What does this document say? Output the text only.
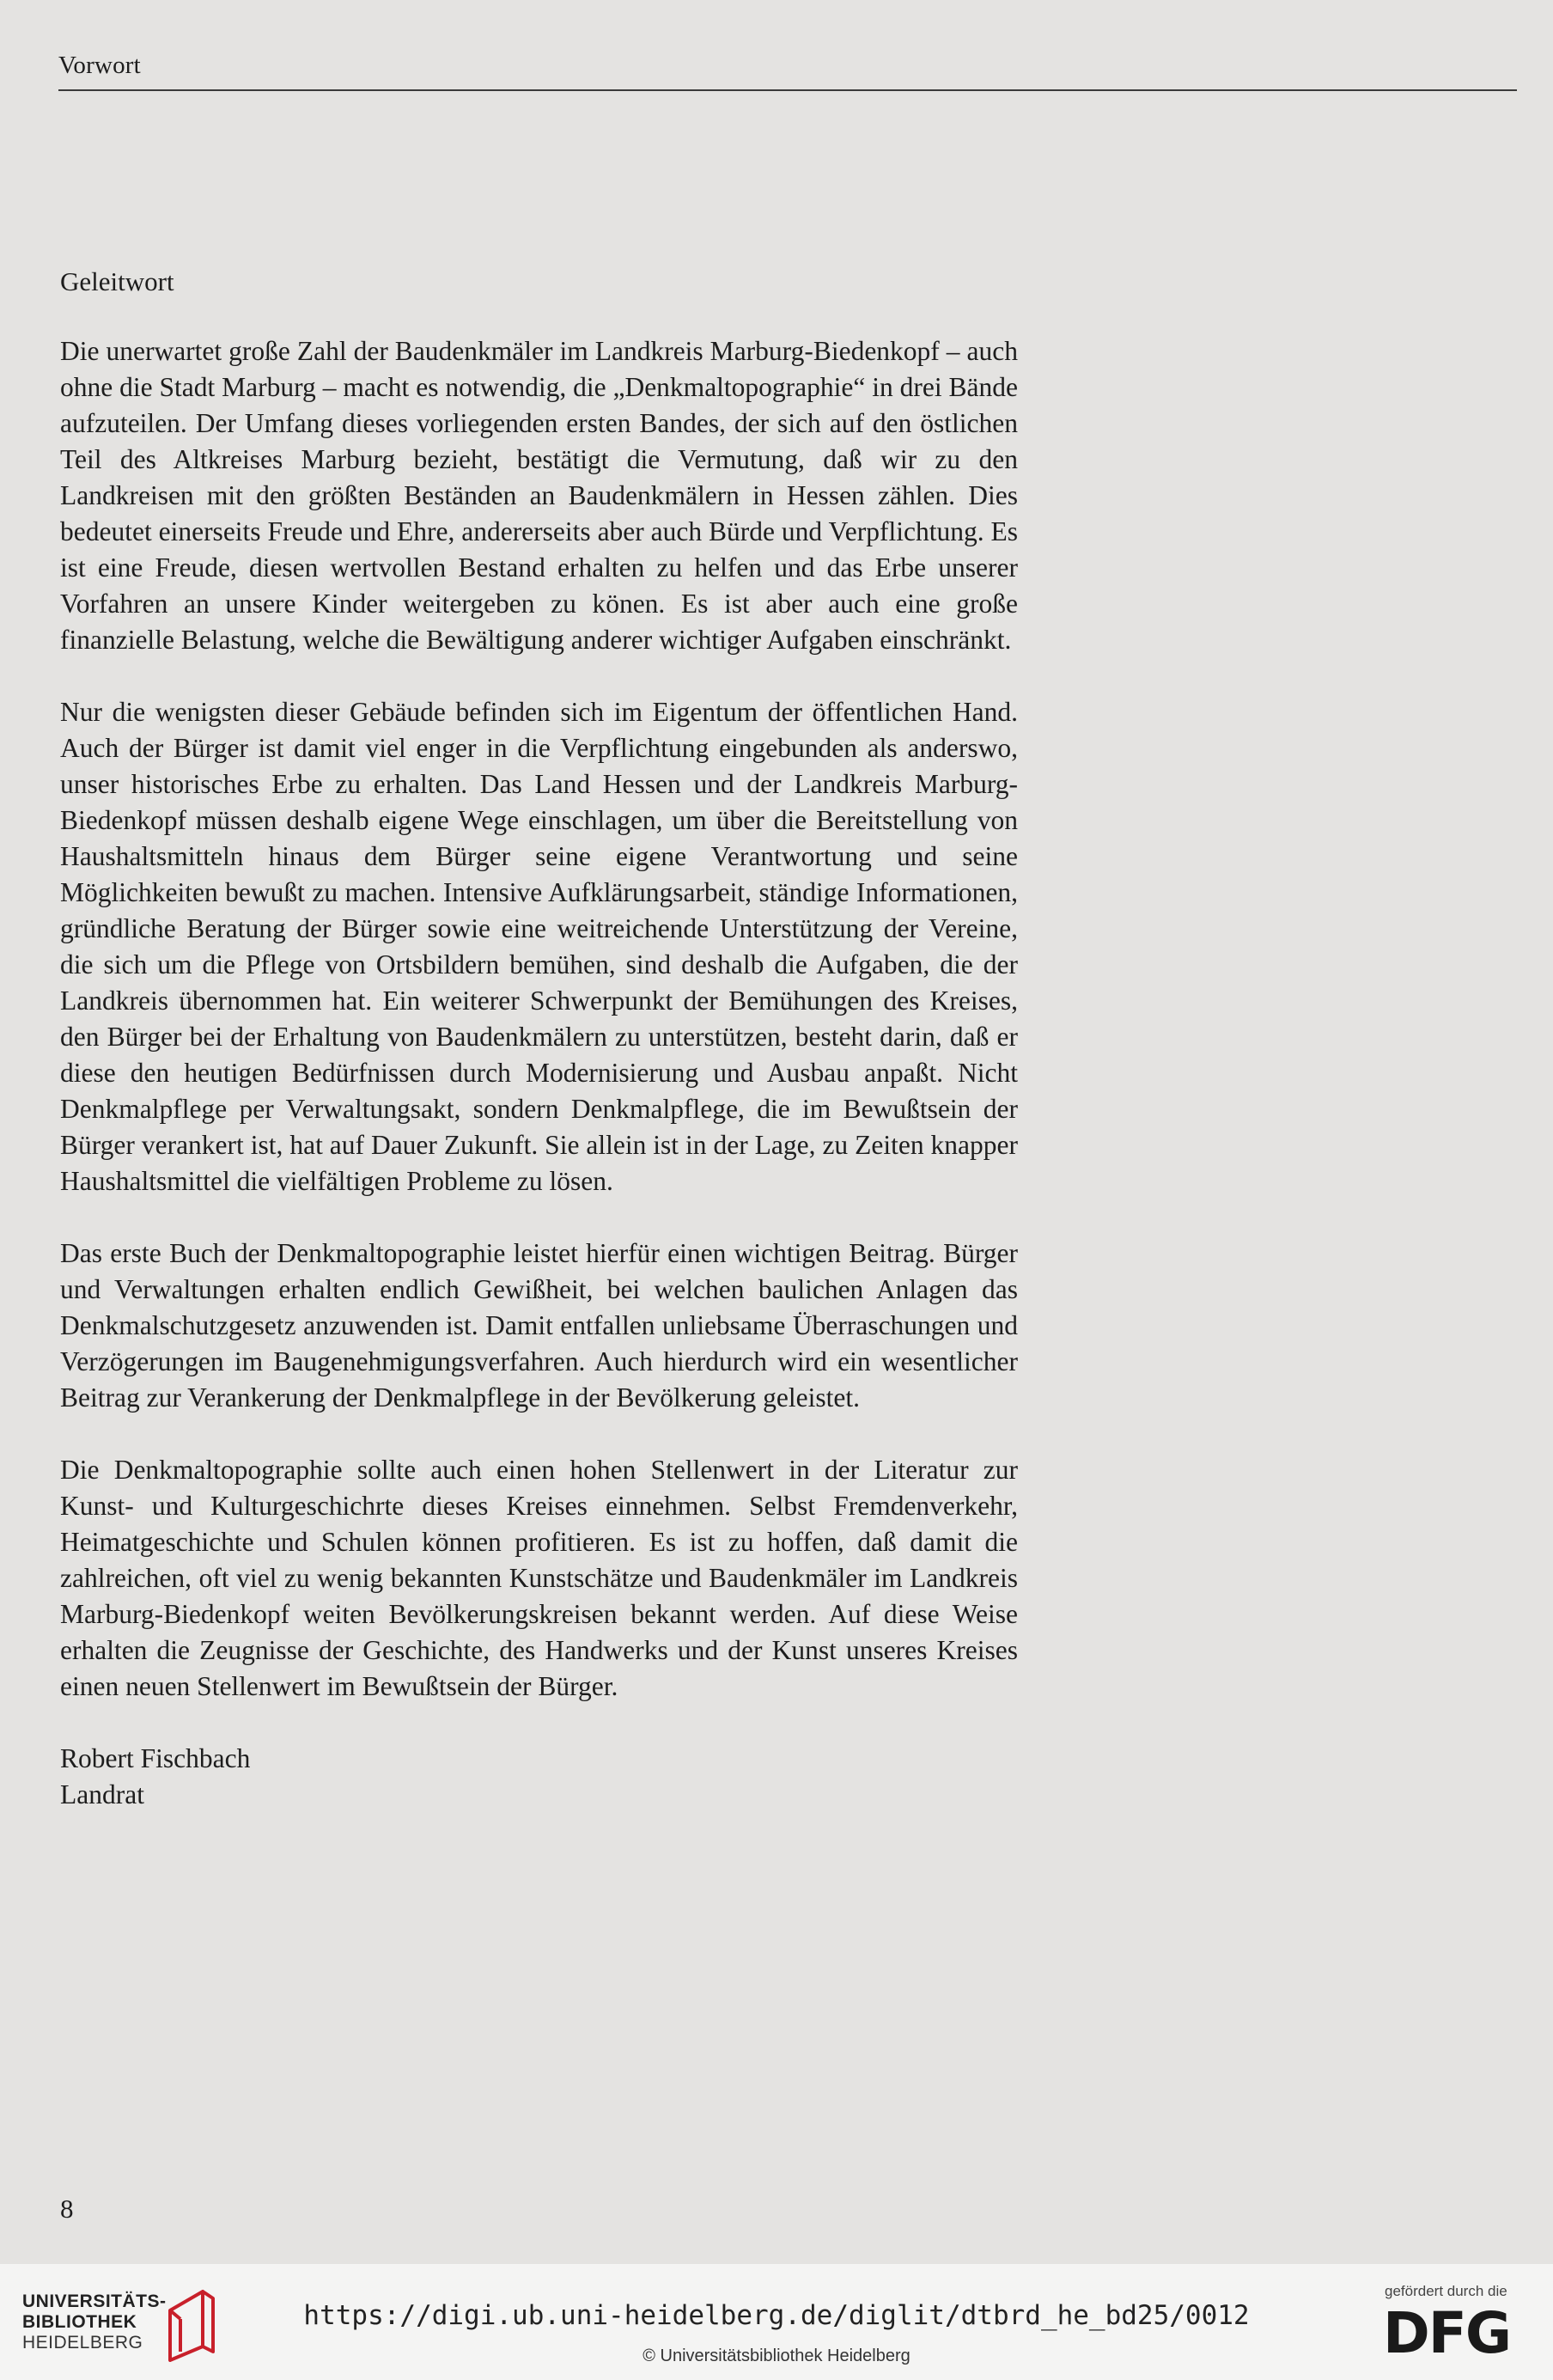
Vorwort
Geleitwort

Die unerwartet große Zahl der Baudenkmäler im Landkreis Marburg-Biedenkopf – auch ohne die Stadt Marburg – macht es notwendig, die „Denkmaltopographie“ in drei Bände aufzuteilen. Der Umfang dieses vorliegenden ersten Bandes, der sich auf den östlichen Teil des Altkreises Marburg bezieht, bestätigt die Vermutung, daß wir zu den Landkreisen mit den größten Beständen an Baudenkmälern in Hessen zählen. Dies bedeutet einerseits Freude und Ehre, andererseits aber auch Bürde und Verpflichtung. Es ist eine Freude, diesen wertvollen Bestand erhalten zu helfen und das Erbe unserer Vorfahren an unsere Kinder weitergeben zu könen. Es ist aber auch eine große finanzielle Belastung, welche die Bewältigung anderer wichtiger Aufgaben einschränkt.

Nur die wenigsten dieser Gebäude befinden sich im Eigentum der öffentlichen Hand. Auch der Bürger ist damit viel enger in die Verpflichtung eingebunden als anderswo, unser historisches Erbe zu erhalten. Das Land Hessen und der Landkreis Marburg-Biedenkopf müssen deshalb eigene Wege einschlagen, um über die Bereitstellung von Haushaltsmitteln hinaus dem Bürger seine eigene Verantwortung und seine Möglichkeiten bewußt zu machen. Intensive Aufklärungsarbeit, ständige Informationen, gründliche Beratung der Bürger sowie eine weitreichende Unterstützung der Vereine, die sich um die Pflege von Ortsbildern bemühen, sind deshalb die Aufgaben, die der Landkreis übernommen hat. Ein weiterer Schwerpunkt der Bemühungen des Kreises, den Bürger bei der Erhaltung von Baudenkmälern zu unterstützen, besteht darin, daß er diese den heutigen Bedürfnissen durch Modernisierung und Ausbau anpaßt. Nicht Denkmalpflege per Verwaltungsakt, sondern Denkmalpflege, die im Bewußtsein der Bürger verankert ist, hat auf Dauer Zukunft. Sie allein ist in der Lage, zu Zeiten knapper Haushaltsmittel die vielfältigen Probleme zu lösen.

Das erste Buch der Denkmaltopographie leistet hierfür einen wichtigen Beitrag. Bürger und Verwaltungen erhalten endlich Gewißheit, bei welchen baulichen Anlagen das Denkmalschutzgesetz anzuwenden ist. Damit entfallen unliebsame Überraschungen und Verzögerungen im Baugenehmigungsverfahren. Auch hierdurch wird ein wesentlicher Beitrag zur Verankerung der Denkmalpflege in der Bevölkerung geleistet.

Die Denkmaltopographie sollte auch einen hohen Stellenwert in der Literatur zur Kunst- und Kulturgeschichrte dieses Kreises einnehmen. Selbst Fremdenverkehr, Heimatgeschichte und Schulen können profitieren. Es ist zu hoffen, daß damit die zahlreichen, oft viel zu wenig bekannten Kunstschätze und Baudenkmäler im Landkreis Marburg-Biedenkopf weiten Bevölkerungskreisen bekannt werden. Auf diese Weise erhalten die Zeugnisse der Geschichte, des Handwerks und der Kunst unseres Kreises einen neuen Stellenwert im Bewußtsein der Bürger.

Robert Fischbach
Landrat
8
UNIVERSITÄTS-
BIBLIOTHEK
HEIDELBERG
https://digi.ub.uni-heidelberg.de/diglit/dtbrd_he_bd25/0012
© Universitätsbibliothek Heidelberg
gefördert durch die
DFG
